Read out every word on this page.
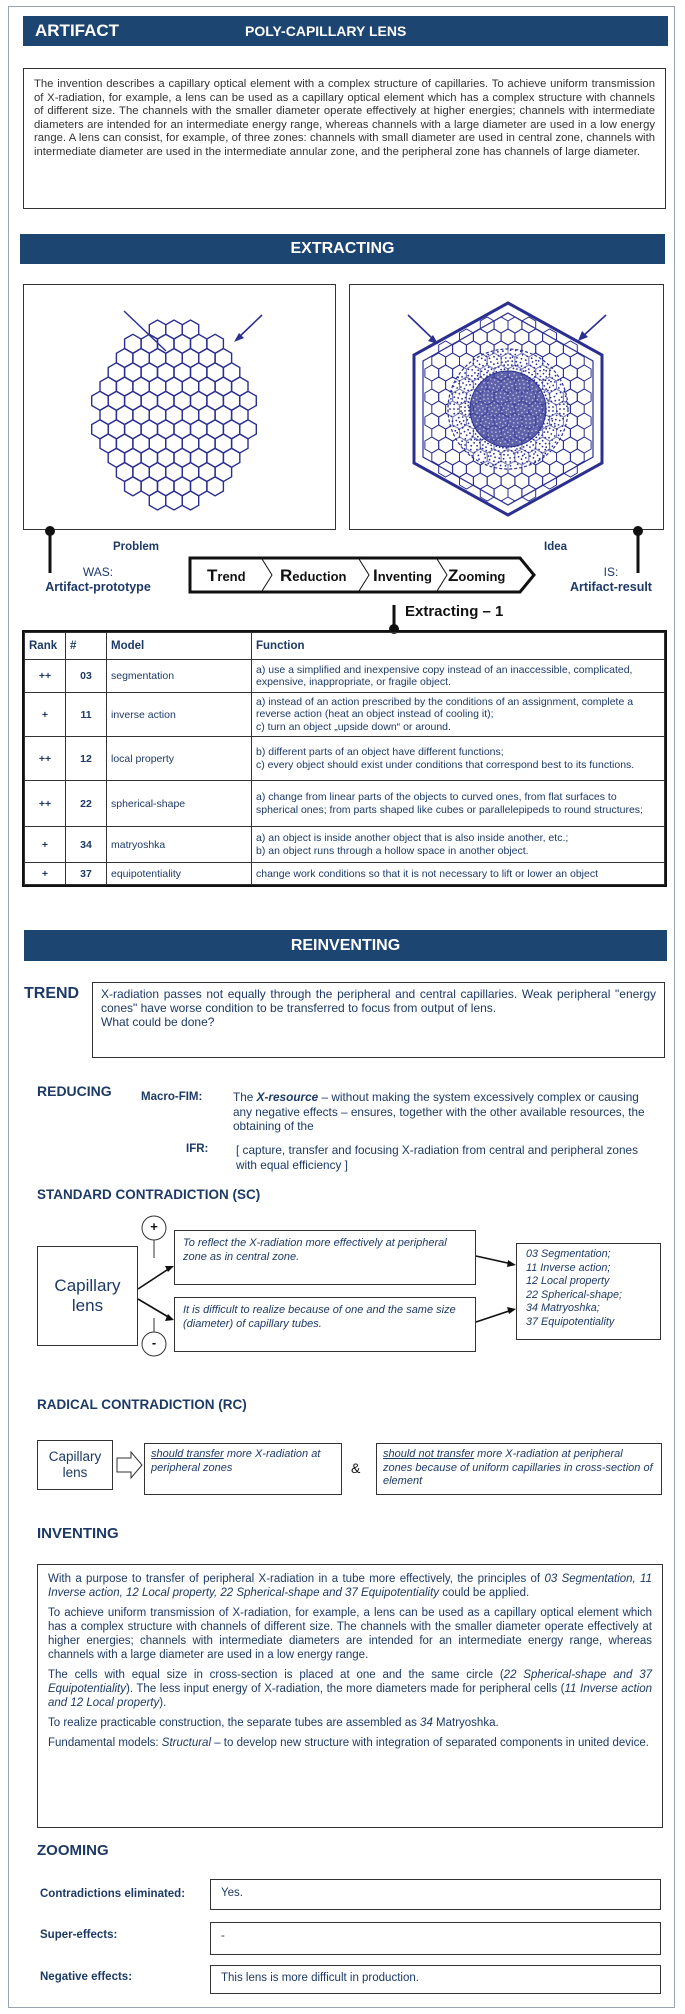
ARTIFACT	POLY-CAPILLARY LENS
The invention describes a capillary optical element with a complex structure of capillaries. To achieve uniform transmission of X-radiation, for example, a lens can be used as a capillary optical element which has a complex structure with channels of different size. The channels with the smaller diameter operate effectively at higher energies; channels with intermediate diameters are intended for an intermediate energy range, whereas channels with a large diameter are used in a low energy range. A lens can consist, for example, of three zones: channels with small diameter are used in central zone, channels with intermediate diameter are used in the intermediate annular zone, and the peripheral zone has channels of large diameter.
EXTRACTING
Problem	Idea
WAS:
Artifact-prototype
IS:
Artifact-result
Trend Reduction Inventing Zooming
Extracting – 1
Rank	#	Model	Function
++	03	segmentation	a) use a simplified and inexpensive copy instead of an inaccessible, complicated, expensive, inappropriate, or fragile object.

+	11	inverse action	a) instead of an action prescribed by the conditions of an assignment, complete a reverse action (heat an object instead of cooling it);
c) turn an object „upside down“ or around.

++	12	local property	b) different parts of an object have different functions;
c) every object should exist under conditions that correspond best to its functions.

++	22	spherical-shape	a) change from linear parts of the objects to curved ones, from flat surfaces to spherical ones; from parts shaped like cubes or parallelepipeds to round structures;

+	34	matryoshka	a) an object is inside another object that is also inside another, etc.;
b) an object runs through a hollow space in another object.

+	37	equipotentiality	change work conditions so that it is not necessary to lift or lower an object
REINVENTING
TREND X-radiation passes not equally through the peripheral and central capillaries. Weak peripheral "energy cones" have worse condition to be transferred to focus from output of lens.
What could be done?
REDUCING	Macro-FIM:	The X-resource – without making the system excessively complex or causing any negative effects – ensures, together with the other available resources, the obtaining of the
IFR: [ capture, transfer and focusing X-radiation from central and peripheral zones with equal efficiency ]
STANDARD CONTRADICTION (SC)
+
-
Capillary lens
To reflect the X-radiation more effectively at peripheral zone as in central zone.
It is difficult to realize because of one and the same size (diameter) of capillary tubes.
03 Segmentation;
11 Inverse action;
12 Local property
22 Spherical-shape;
34 Matryoshka;
37 Equipotentiality
RADICAL CONTRADICTION (RC)
Capillary lens
should transfer more X-radiation at peripheral zones	&
should not transfer more X-radiation at peripheral zones because of uniform capillaries in cross-section of element
INVENTING

With a purpose to transfer of peripheral X-radiation in a tube more effectively, the principles of 03 Segmentation, 11 Inverse action, 12 Local property, 22 Spherical-shape and 37 Equipotentiality could be applied.

To achieve uniform transmission of X-radiation, for example, a lens can be used as a capillary optical element which has a complex structure with channels of different size. The channels with the smaller diameter operate effectively at higher energies; channels with intermediate diameters are intended for an intermediate energy range, whereas channels with a large diameter are used in a low energy range.

The cells with equal size in cross-section is placed at one and the same circle (22 Spherical-shape and 37 Equipotentiality). The less input energy of X-radiation, the more diameters made for peripheral cells (11 Inverse action and 12 Local property).

To realize practicable construction, the separate tubes are assembled as 34 Matryoshka.

Fundamental models: Structural – to develop new structure with integration of separated components in united device.

ZOOMING
Contradictions eliminated:	Yes.
Super-effects:	-
Negative effects:	This lens is more difficult in production.
